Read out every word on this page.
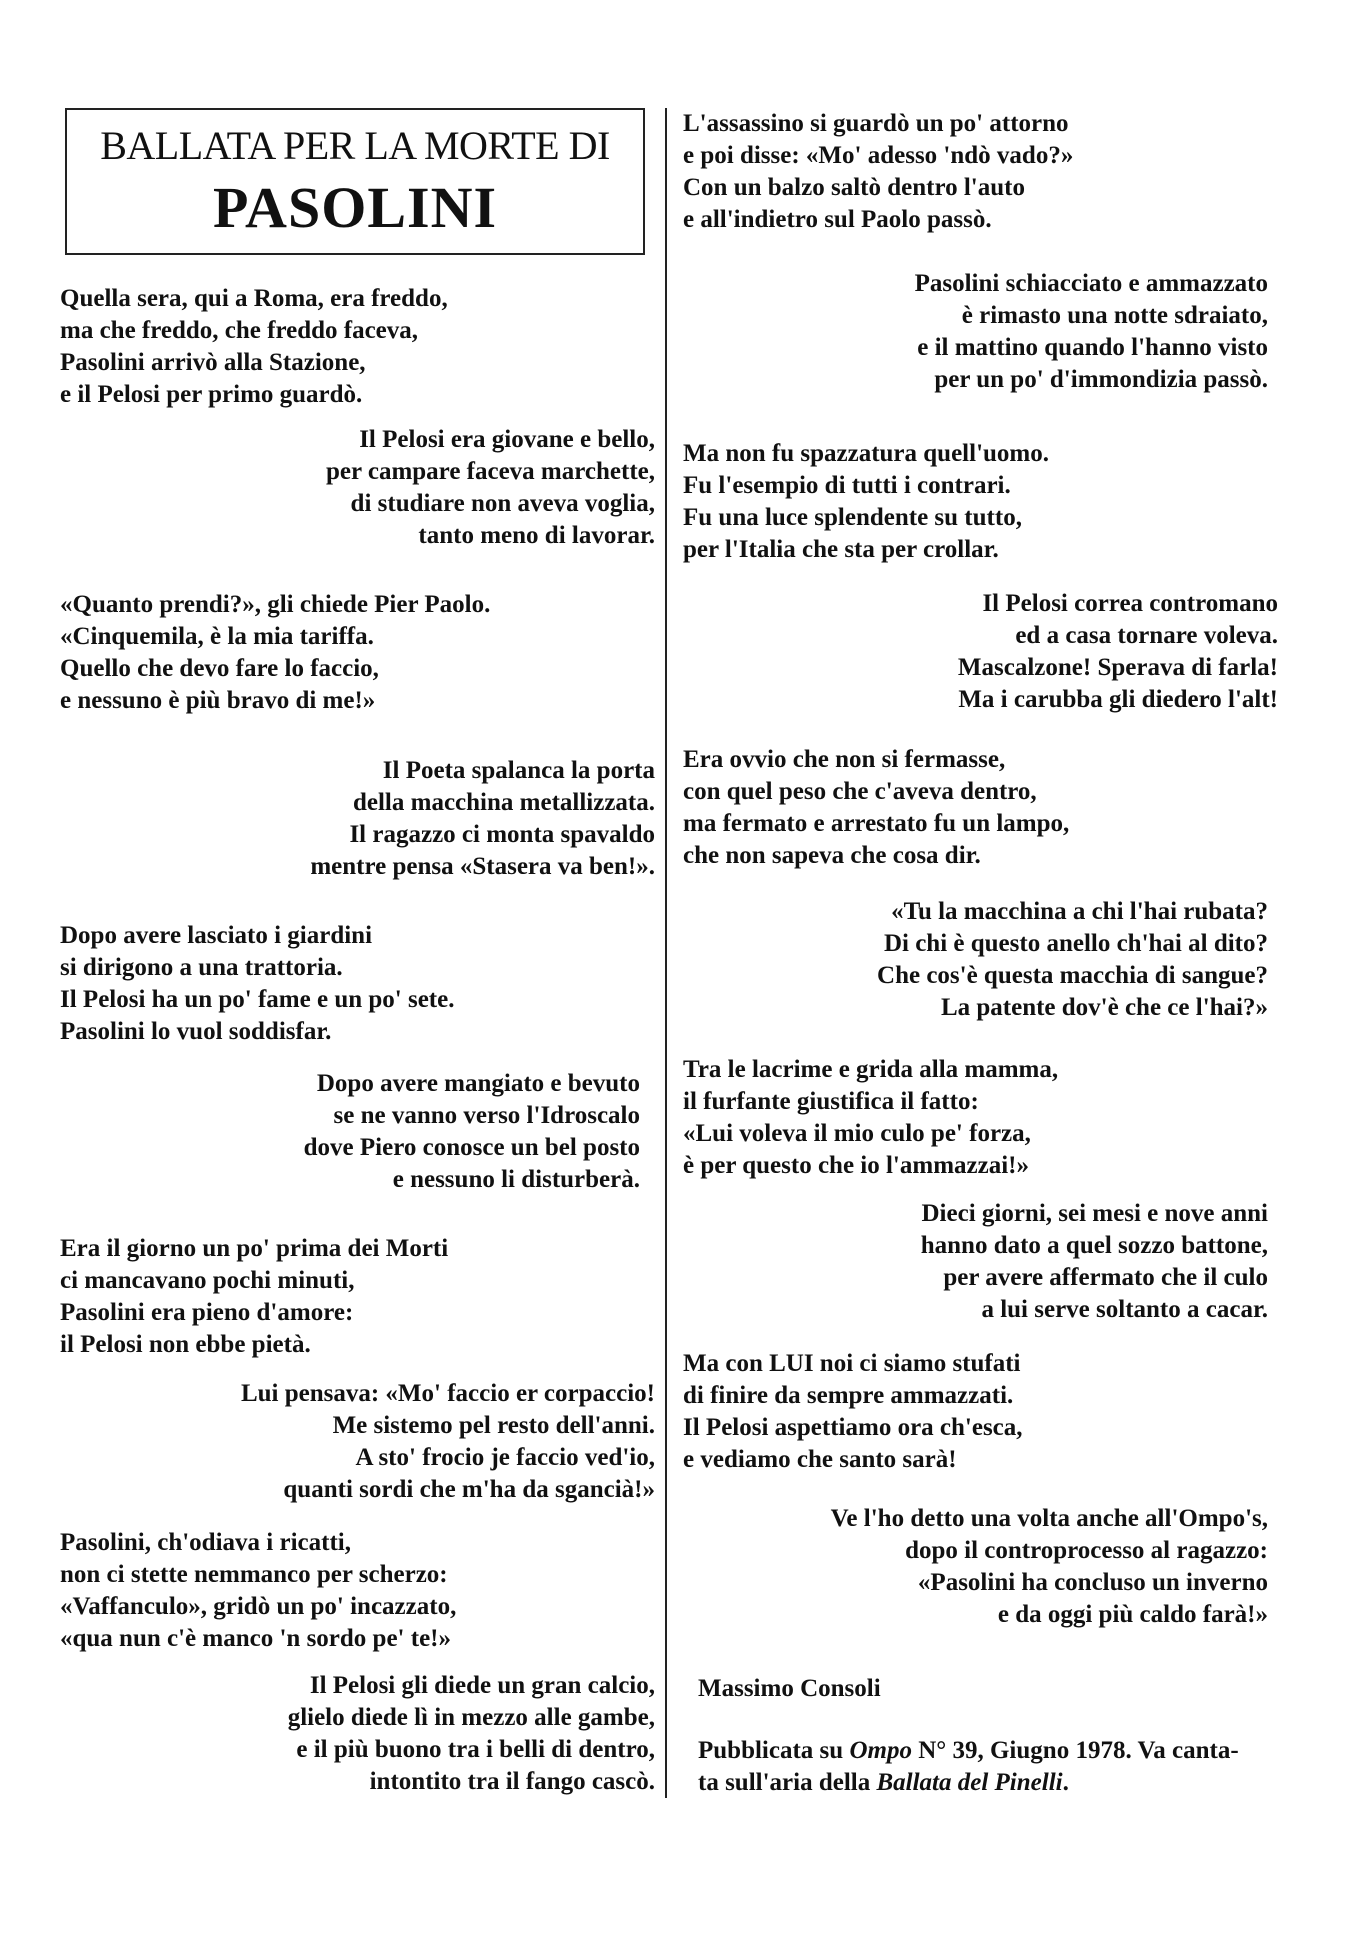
BALLATA PER LA MORTE DI
PASOLINI
Quella sera, qui a Roma, era freddo,
ma che freddo, che freddo faceva,
Pasolini arrivò alla Stazione,
e il Pelosi per primo guardò.
Il Pelosi era giovane e bello,
per campare faceva marchette,
di studiare non aveva voglia,
tanto meno di lavorar.
«Quanto prendi?», gli chiede Pier Paolo.
«Cinquemila, è la mia tariffa.
Quello che devo fare lo faccio,
e nessuno è più bravo di me!»
Il Poeta spalanca la porta
della macchina metallizzata.
Il ragazzo ci monta spavaldo
mentre pensa «Stasera va ben!».
Dopo avere lasciato i giardini
si dirigono a una trattoria.
Il Pelosi ha un po' fame e un po' sete.
Pasolini lo vuol soddisfar.
Dopo avere mangiato e bevuto
se ne vanno verso l'Idroscalo
dove Piero conosce un bel posto
e nessuno li disturberà.
Era il giorno un po' prima dei Morti
ci mancavano pochi minuti,
Pasolini era pieno d'amore:
il Pelosi non ebbe pietà.
Lui pensava: «Mo' faccio er corpaccio!
Me sistemo pel resto dell'anni.
A sto' frocio je faccio ved'io,
quanti sordi che m'ha da sgancià!»
Pasolini, ch'odiava i ricatti,
non ci stette nemmanco per scherzo:
«Vaffanculo», gridò un po' incazzato,
«qua nun c'è manco 'n sordo pe' te!»
Il Pelosi gli diede un gran calcio,
glielo diede lì in mezzo alle gambe,
e il più buono tra i belli di dentro,
intontito tra il fango cascò.
L'assassino si guardò un po' attorno
e poi disse: «Mo' adesso 'ndò vado?»
Con un balzo saltò dentro l'auto
e all'indietro sul Paolo passò.
Pasolini schiacciato e ammazzato
è rimasto una notte sdraiato,
e il mattino quando l'hanno visto
per un po' d'immondizia passò.
Ma non fu spazzatura quell'uomo.
Fu l'esempio di tutti i contrari.
Fu una luce splendente su tutto,
per l'Italia che sta per crollar.
Il Pelosi correa contromano
ed a casa tornare voleva.
Mascalzone! Sperava di farla!
Ma i carubba gli diedero l'alt!
Era ovvio che non si fermasse,
con quel peso che c'aveva dentro,
ma fermato e arrestato fu un lampo,
che non sapeva che cosa dir.
«Tu la macchina a chi l'hai rubata?
Di chi è questo anello ch'hai al dito?
Che cos'è questa macchia di sangue?
La patente dov'è che ce l'hai?»
Tra le lacrime e grida alla mamma,
il furfante giustifica il fatto:
«Lui voleva il mio culo pe' forza,
è per questo che io l'ammazzai!»
Dieci giorni, sei mesi e nove anni
hanno dato a quel sozzo battone,
per avere affermato che il culo
a lui serve soltanto a cacar.
Ma con LUI noi ci siamo stufati
di finire da sempre ammazzati.
Il Pelosi aspettiamo ora ch'esca,
e vediamo che santo sarà!
Ve l'ho detto una volta anche all'Ompo's,
dopo il controprocesso al ragazzo:
«Pasolini ha concluso un inverno
e da oggi più caldo farà!»
Massimo Consoli
Pubblicata su Ompo N° 39, Giugno 1978. Va canta-
ta sull'aria della Ballata del Pinelli.
